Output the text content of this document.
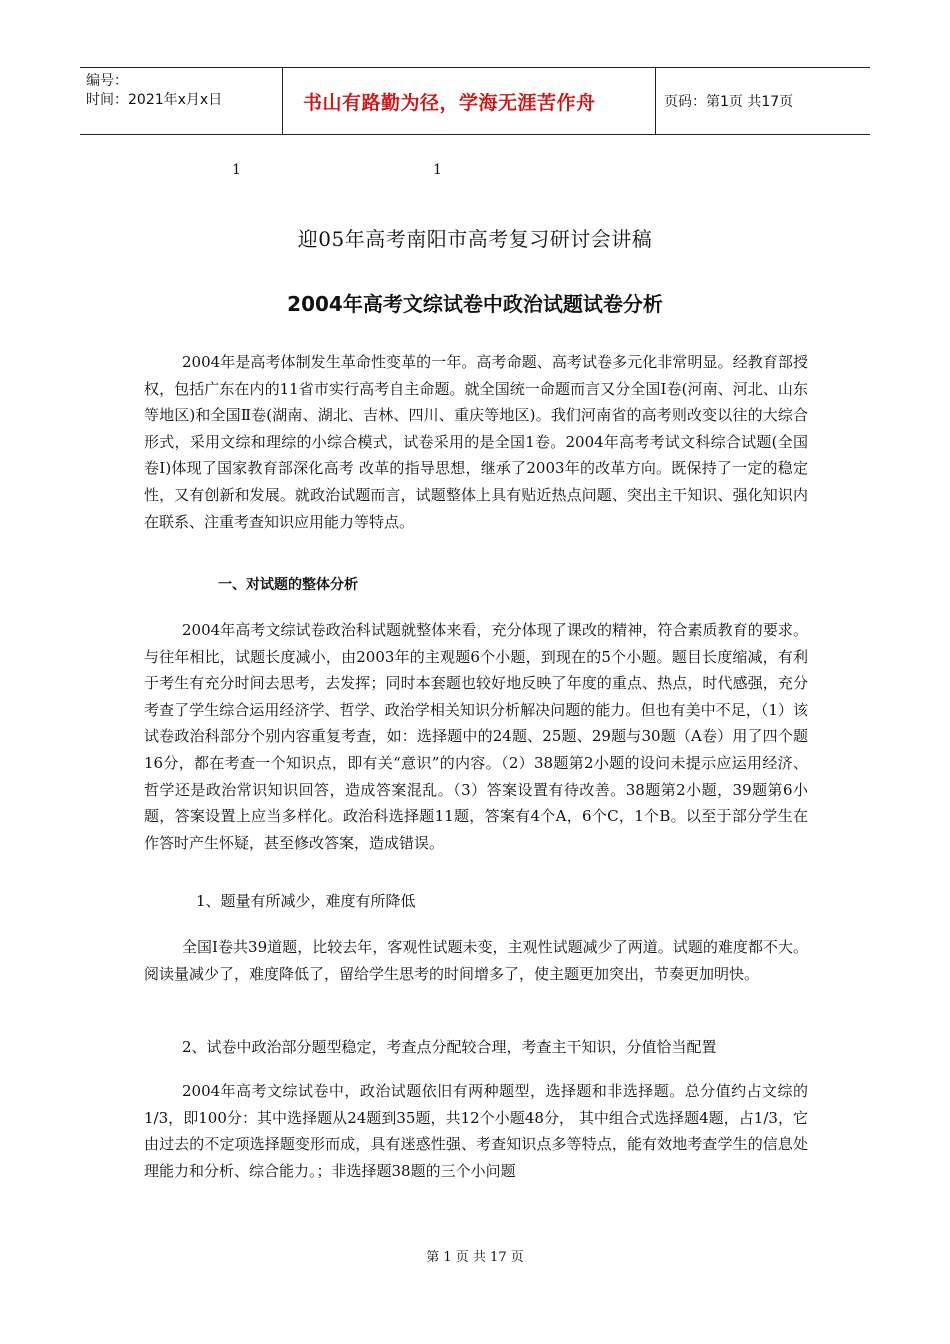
编号：
时间：2021年x月x日	书山有路勤为径，学海无涯苦作舟	页码：第1页 共17页
1	1
迎05年高考南阳市高考复习研讨会讲稿
2004年高考文综试卷中政治试题试卷分析

2004年是高考体制发生革命性变革的一年。高考命题、高考试卷多元化非常明显。经教育部授权，包括广东在内的11省市实行高考自主命题。就全国统一命题而言又分全国Ⅰ卷(河南、河北、山东等地区)和全国Ⅱ卷(湖南、湖北、吉林、四川、重庆等地区)。我们河南省的高考则改变以往的大综合形式，采用文综和理综的小综合模式，试卷采用的是全国1卷。2004年高考考试文科综合试题(全国卷Ⅰ)体现了国家教育部深化高考 改革的指导思想，继承了2003年的改革方向。既保持了一定的稳定性，又有创新和发展。就政治试题而言，试题整体上具有贴近热点问题、突出主干知识、强化知识内在联系、注重考查知识应用能力等特点。

一、对试题的整体分析

2004年高考文综试卷政治科试题就整体来看，充分体现了课改的精神，符合素质教育的要求。与往年相比，试题长度减小，由2003年的主观题6个小题，到现在的5个小题。题目长度缩减，有利于考生有充分时间去思考，去发挥；同时本套题也较好地反映了年度的重点、热点，时代感强，充分考查了学生综合运用经济学、哲学、政治学相关知识分析解决问题的能力。但也有美中不足，（1）该试卷政治科部分个别内容重复考查，如：选择题中的24题、25题、29题与30题（A卷）用了四个题16分，都在考查一个知识点，即有关“意识”的内容。（2）38题第2小题的设问未提示应运用经济、哲学还是政治常识知识回答，造成答案混乱。（3）答案设置有待改善。38题第2小题，39题第6小题，答案设置上应当多样化。政治科选择题11题，答案有4个A，6个C，1个B。以至于部分学生在作答时产生怀疑，甚至修改答案，造成错误。

1、题量有所减少，难度有所降低

全国Ⅰ卷共39道题，比较去年，客观性试题未变，主观性试题减少了两道。试题的难度都不大。阅读量减少了，难度降低了，留给学生思考的时间增多了，使主题更加突出，节奏更加明快。

2、试卷中政治部分题型稳定，考查点分配较合理，考查主干知识，分值恰当配置

2004年高考文综试卷中，政治试题依旧有两种题型，选择题和非选择题。总分值约占文综的1/3，即100分：其中选择题从24题到35题，共12个小题48分， 其中组合式选择题4题，占1/3，它由过去的不定项选择题变形而成，具有迷惑性强、考查知识点多等特点，能有效地考查学生的信息处理能力和分析、综合能力。；非选择题38题的三个小问题

第 1 页 共 17 页
